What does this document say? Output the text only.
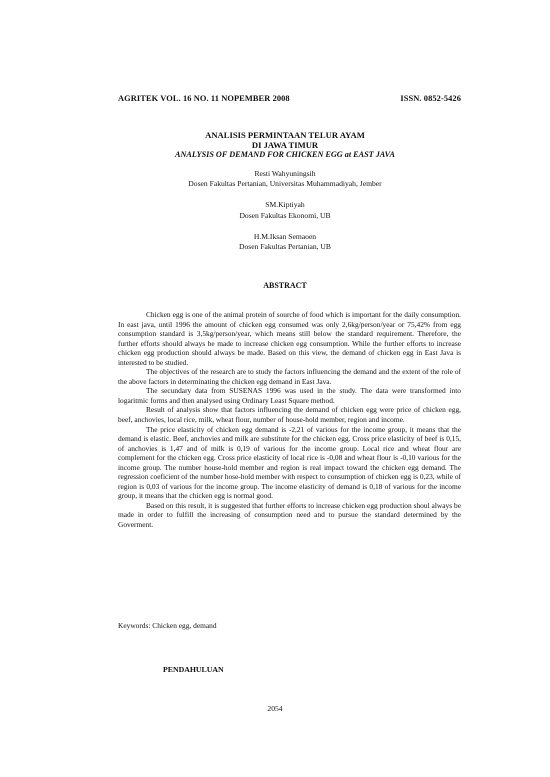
AGRITEK VOL. 16 NO. 11 NOPEMBER 2008	ISSN. 0852-5426

ANALISIS PERMINTAAN TELUR AYAM

DI JAWA TIMUR

ANALYSIS OF DEMAND FOR CHICKEN EGG at EAST JAVA

Resti Wahyuningsih
Dosen Fakultas Pertanian, Universitas Muhammadiyah, Jember
SM.Kiptiyah
Dosen Fakultas Ekonomi, UB
H.M.Iksan Semaoen
Dosen Fakultas Pertanian, UB
ABSTRACT

Chicken egg is one of the animal protein of sourche of food which is important for the daily consumption. In east java, until 1996 the amount of chicken egg consumed was only 2,6kg/person/year or 75,42% from egg consumption standard is 3,5kg/person/year, which means still below the standard requirement. Therefore, the further efforts should always be made to increase chicken egg consumption. While the further efforts to increase chicken egg production should always be made. Based on this view, the demand of chicken egg in East Java is interested to be studied.

The objectives of the research are to study the factors influencing the demand and the extent of the role of the above factors in determinating the chicken egg demand in East Java.

The secundary data from SUSENAS 1996 was used in the study. The data were transformed into logaritmic forms and then analysed using Ordinary Least Square method.

Result of analysis show that factors influencing the demand of chicken egg were price of chicken egg, beef, anchovies, local rice, milk, wheat flour, number of house-hold member, region and income.

The price elasticity of chicken egg demand is -2,21 of various for the income group, it means that the demand is elastic. Beef, anchovies and milk are substitute for the chicken egg. Cross price elasticity of beef is 0,15, of anchovies is 1,47 and of milk is 0,19 of various for the income group. Local rice and wheat flour are complement for the chicken egg. Cross price elasticity of local rice is -0,08 and wheat flour is -0,10 various for the income group. The number house-hold member and region is real impact toward the chicken egg demand. The regression coeficient of the number hose-hold member with respect to consumption of chicken egg is 0,23, while of region is 0,03 of various for the income group. The income elasticity of demand is 0,18 of various for the income group, it means that the chicken egg is normal good.

Based on this result, it is suggested that further efforts to increase chicken egg production shoul always be made in order to fulfill the increasing of consumption need and to pursue the standard determined by the Goverment.

Keywords: Chicken egg, demand
PENDAHULUAN
2054
